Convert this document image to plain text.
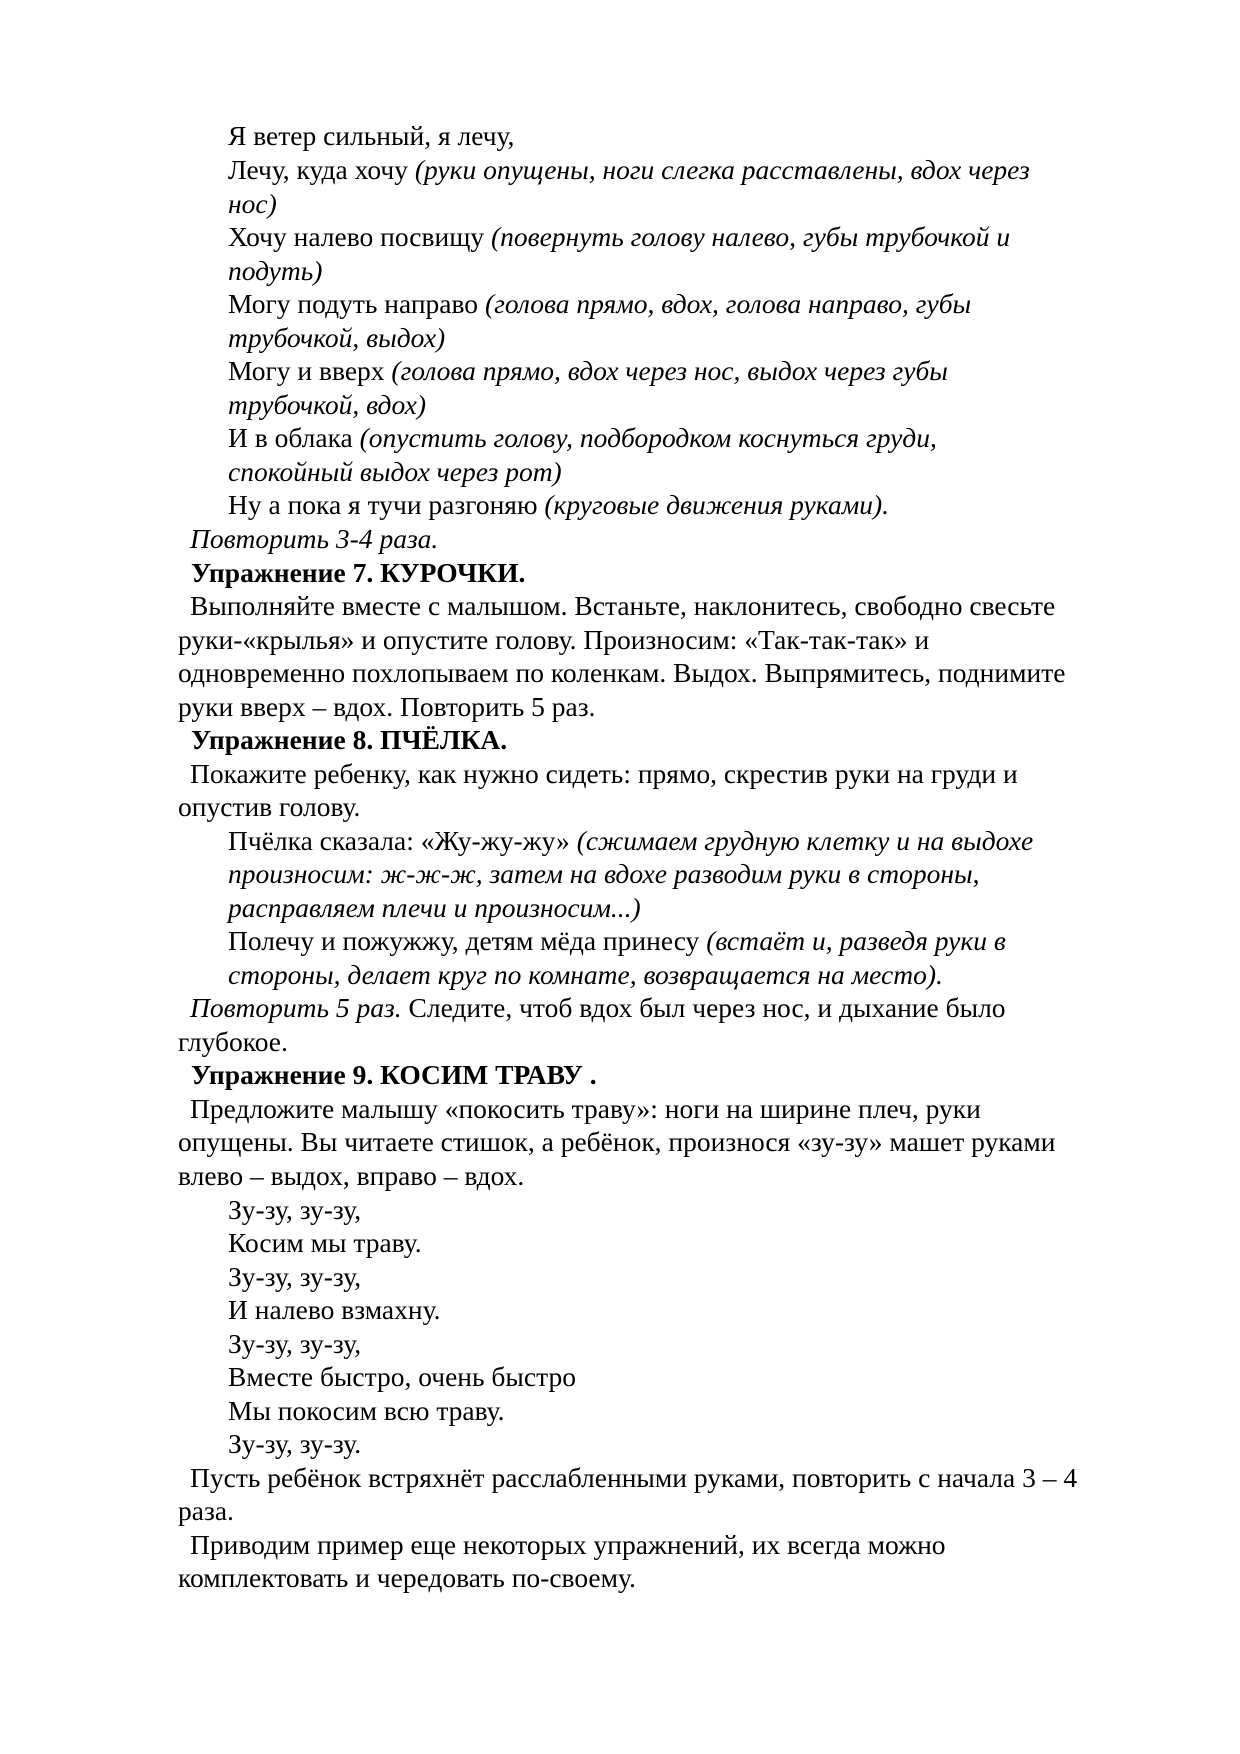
Я ветер сильный, я лечу,
Лечу, куда хочу (руки опущены, ноги слегка расставлены, вдох через
нос)
Хочу налево посвищу (повернуть голову налево, губы трубочкой и
подуть)
Могу подуть направо (голова прямо, вдох, голова направо, губы
трубочкой, выдох)
Могу и вверх (голова прямо, вдох через нос, выдох через губы
трубочкой, вдох)
И в облака (опустить голову, подбородком коснуться груди,
спокойный выдох через рот)
Ну а пока я тучи разгоняю (круговые движения руками).
Повторить 3-4 раза.
Упражнение 7. КУРОЧКИ.
Выполняйте вместе с малышом. Встаньте, наклонитесь, свободно свесьте
руки-«крылья» и опустите голову. Произносим: «Так-так-так» и
одновременно похлопываем по коленкам. Выдох. Выпрямитесь, поднимите
руки вверх – вдох. Повторить 5 раз.
Упражнение 8. ПЧЁЛКА.
Покажите ребенку, как нужно сидеть: прямо, скрестив руки на груди и
опустив голову.
Пчёлка сказала: «Жу-жу-жу» (сжимаем грудную клетку и на выдохе
произносим: ж-ж-ж, затем на вдохе разводим руки в стороны,
расправляем плечи и произносим...)
Полечу и пожужжу, детям мёда принесу (встаёт и, разведя руки в
стороны, делает круг по комнате, возвращается на место).
Повторить 5 раз. Следите, чтоб вдох был через нос, и дыхание было
глубокое.
Упражнение 9. КОСИМ ТРАВУ .
Предложите малышу «покосить траву»: ноги на ширине плеч, руки
опущены. Вы читаете стишок, а ребёнок, произнося «зу-зу» машет руками
влево – выдох, вправо – вдох.
Зу-зу, зу-зу,
Косим мы траву.
Зу-зу, зу-зу,
И налево взмахну.
Зу-зу, зу-зу,
Вместе быстро, очень быстро
Мы покосим всю траву.
Зу-зу, зу-зу.
Пусть ребёнок встряхнёт расслабленными руками, повторить с начала 3 – 4
раза.
Приводим пример еще некоторых упражнений, их всегда можно
комплектовать и чередовать по-своему.
